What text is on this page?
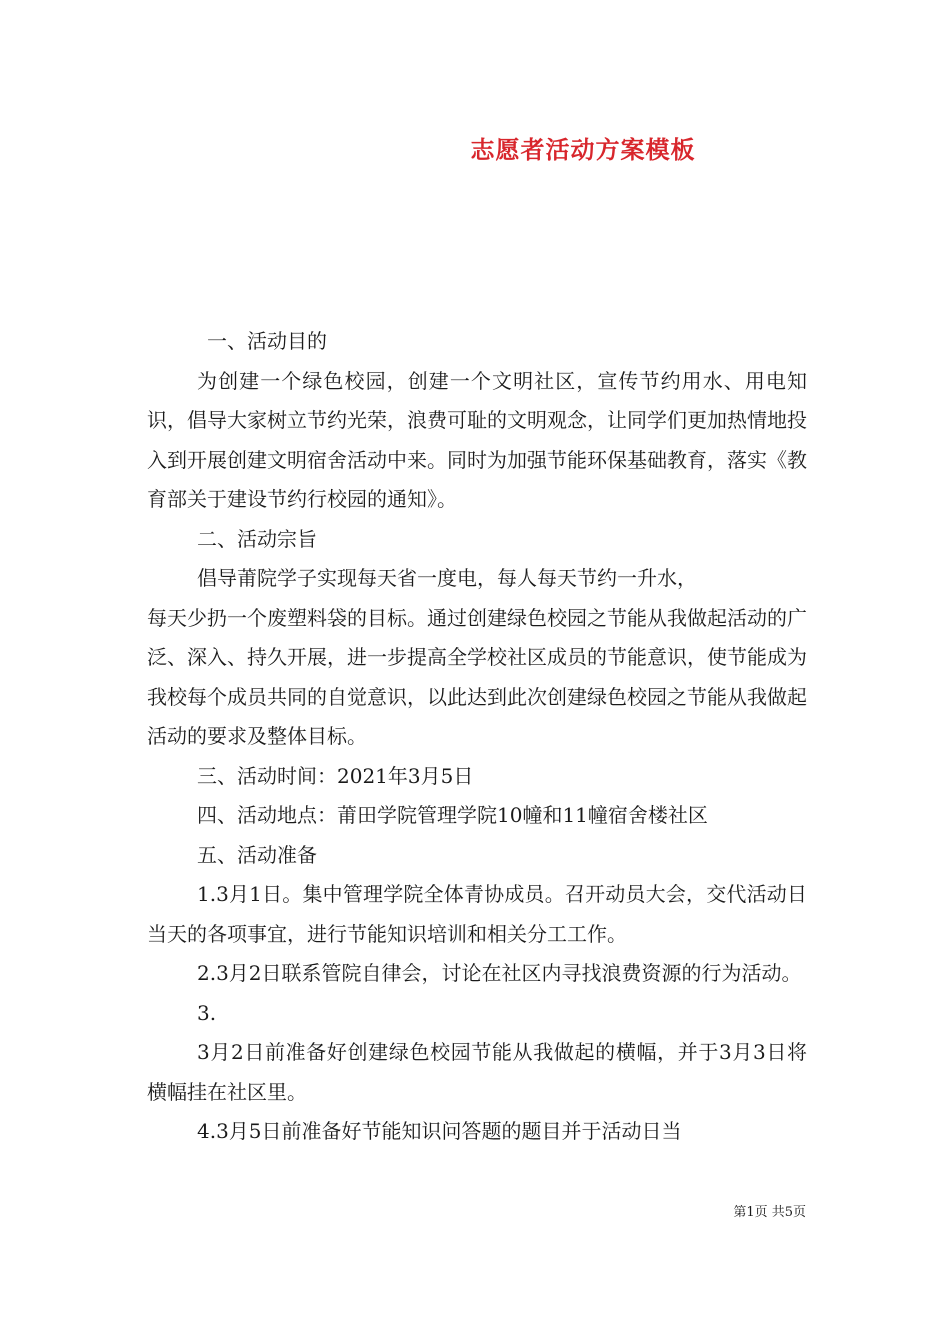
志愿者活动方案模板

一、活动目的

为创建一个绿色校园，创建一个文明社区，宣传节约用水、用电知识，倡导大家树立节约光荣，浪费可耻的文明观念，让同学们更加热情地投入到开展创建文明宿舍活动中来。同时为加强节能环保基础教育，落实《教育部关于建设节约行校园的通知》。

二、活动宗旨

倡导莆院学子实现每天省一度电，每人每天节约一升水，

每天少扔一个废塑料袋的目标。通过创建绿色校园之节能从我做起活动的广泛、深入、持久开展，进一步提高全学校社区成员的节能意识，使节能成为我校每个成员共同的自觉意识，以此达到此次创建绿色校园之节能从我做起活动的要求及整体目标。

三、活动时间：2021年3月5日

四、活动地点：莆田学院管理学院10幢和11幢宿舍楼社区

五、活动准备

1.3月1日。集中管理学院全体青协成员。召开动员大会，交代活动日当天的各项事宜，进行节能知识培训和相关分工工作。

2.3月2日联系管院自律会，讨论在社区内寻找浪费资源的行为活动。

3.

3月2日前准备好创建绿色校园节能从我做起的横幅，并于3月3日将横幅挂在社区里。

4.3月5日前准备好节能知识问答题的题目并于活动日当

第1页 共5页
